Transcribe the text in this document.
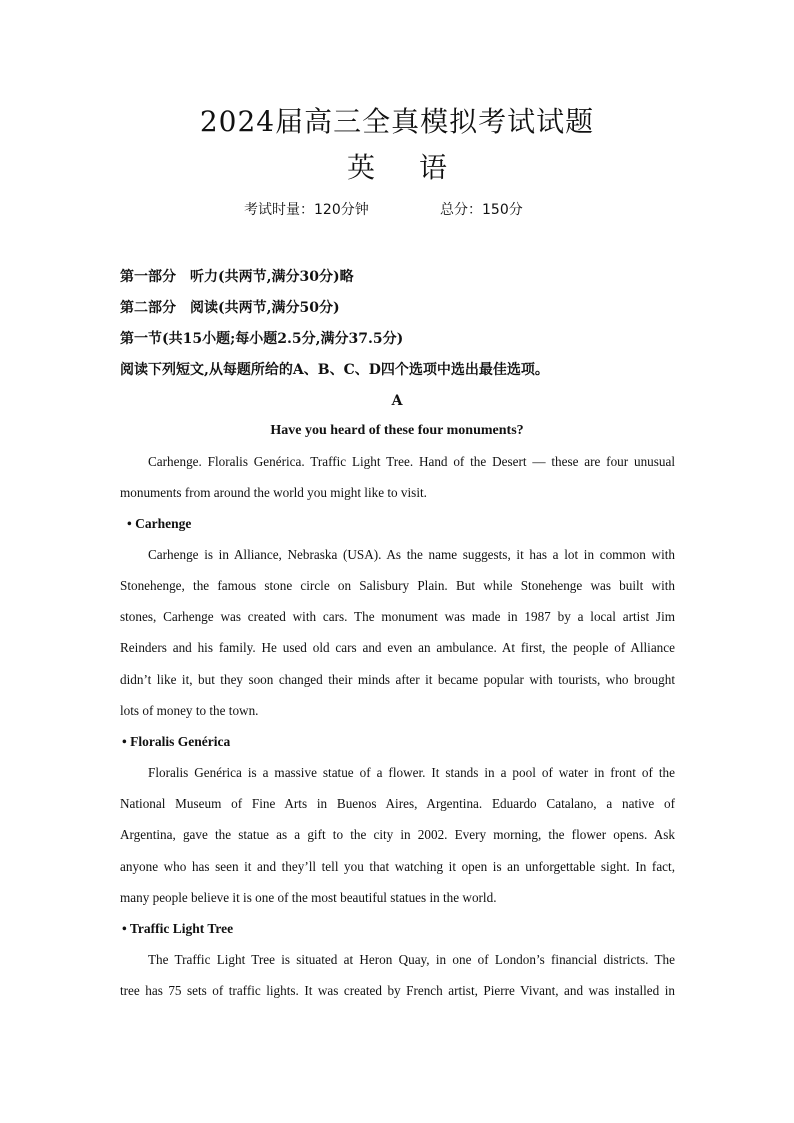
2024届高三全真模拟考试试题
英 语
考试时量：120分钟	总分：150分
第一部分　听力(共两节,满分30分)略
第二部分　阅读(共两节,满分50分)
第一节(共15小题;每小题2.5分,满分37.5分)
阅读下列短文,从每题所给的A、B、C、D四个选项中选出最佳选项。
A
Have you heard of these four monuments?
Carhenge. Floralis Genérica. Traffic Light Tree. Hand of the Desert — these are four unusual
monuments from around the world you might like to visit.
• Carhenge
Carhenge is in Alliance, Nebraska (USA). As the name suggests, it has a lot in common with
Stonehenge, the famous stone circle on Salisbury Plain. But while Stonehenge was built with
stones, Carhenge was created with cars. The monument was made in 1987 by a local artist Jim
Reinders and his family. He used old cars and even an ambulance. At first, the people of Alliance
didn’t like it, but they soon changed their minds after it became popular with tourists, who brought
lots of money to the town.
• Floralis Genérica
Floralis Genérica is a massive statue of a flower. It stands in a pool of water in front of the
National Museum of Fine Arts in Buenos Aires, Argentina. Eduardo Catalano, a native of
Argentina, gave the statue as a gift to the city in 2002. Every morning, the flower opens. Ask
anyone who has seen it and they’ll tell you that watching it open is an unforgettable sight. In fact,
many people believe it is one of the most beautiful statues in the world.
• Traffic Light Tree
The Traffic Light Tree is situated at Heron Quay, in one of London’s financial districts. The
tree has 75 sets of traffic lights. It was created by French artist, Pierre Vivant, and was installed in
